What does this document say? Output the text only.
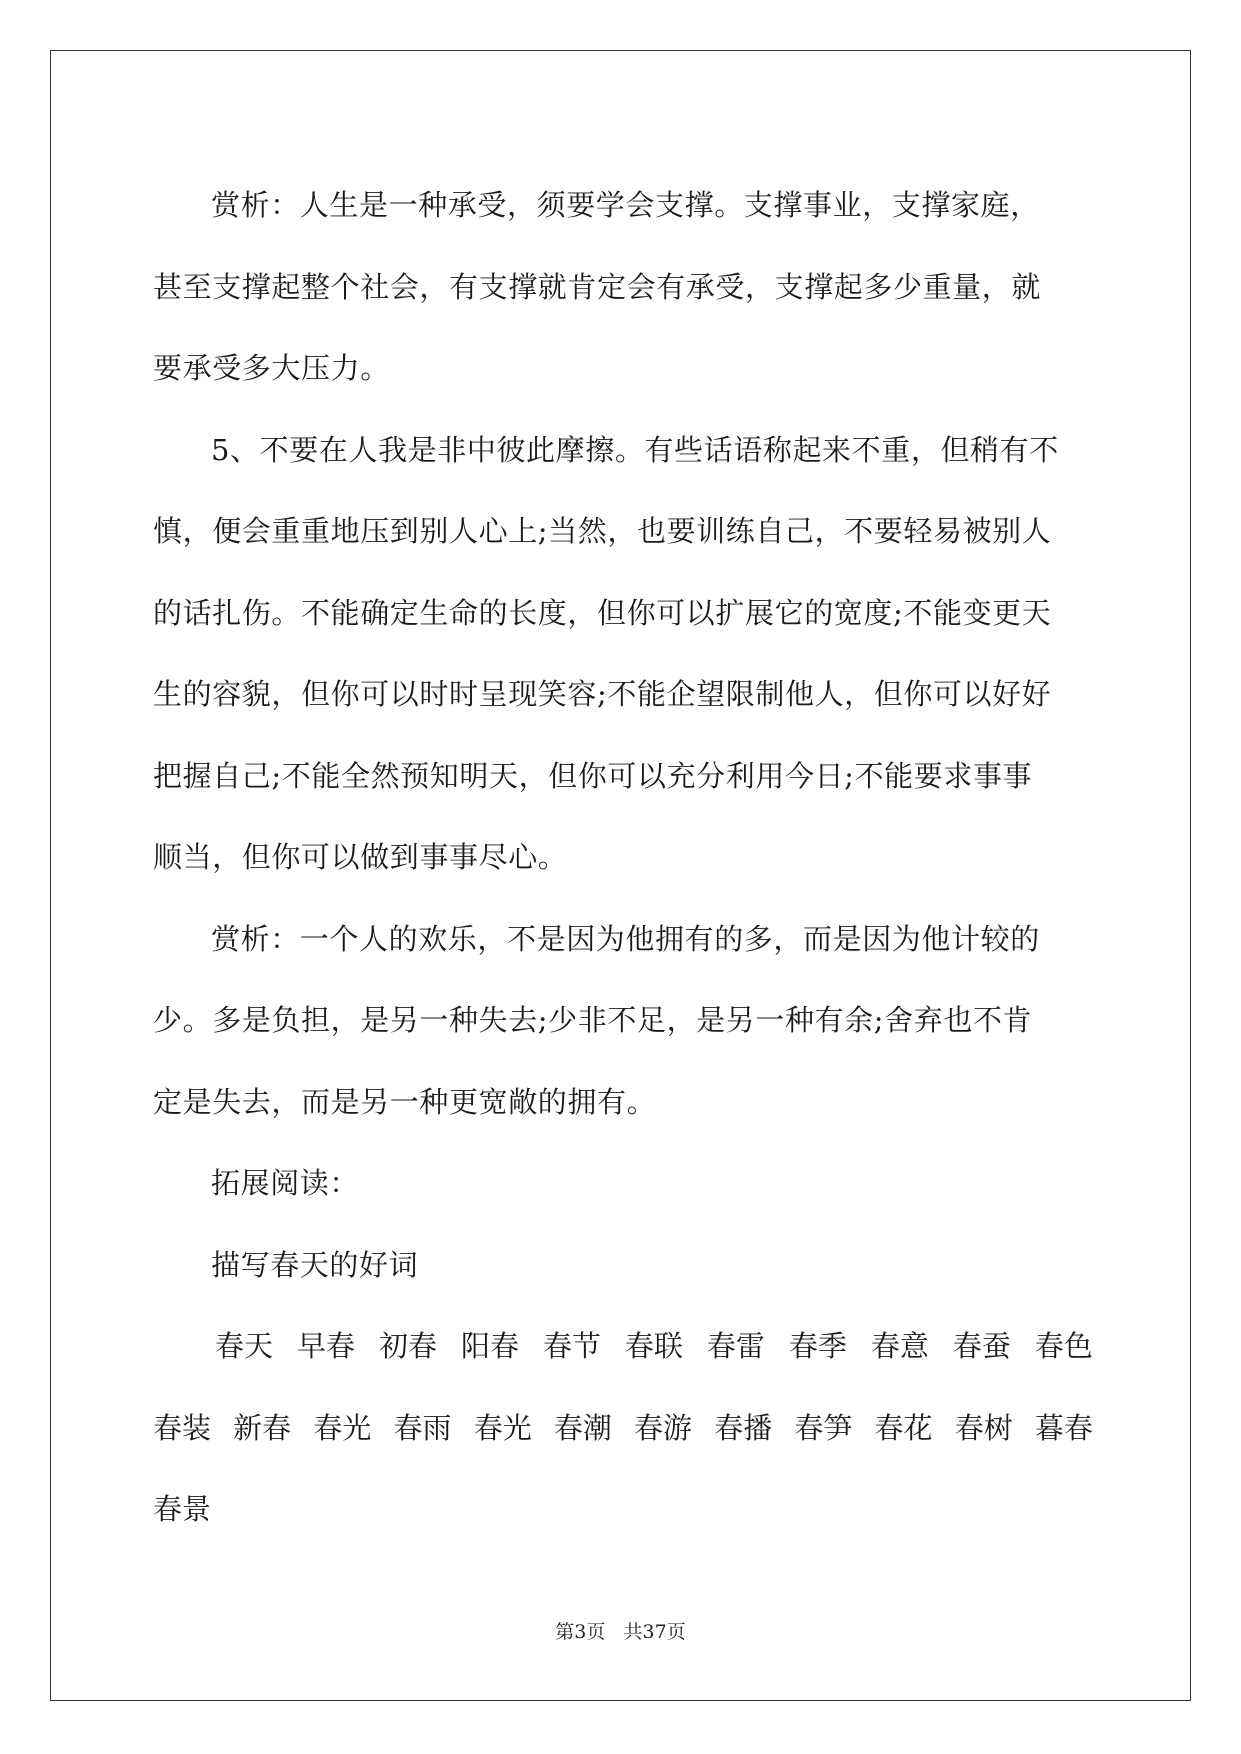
赏析：人生是一种承受，须要学会支撑。支撑事业，支撑家庭，
甚至支撑起整个社会，有支撑就肯定会有承受，支撑起多少重量，就
要承受多大压力。
5、不要在人我是非中彼此摩擦。有些话语称起来不重，但稍有不
慎，便会重重地压到别人心上;当然，也要训练自己，不要轻易被别人
的话扎伤。不能确定生命的长度，但你可以扩展它的宽度;不能变更天
生的容貌，但你可以时时呈现笑容;不能企望限制他人，但你可以好好
把握自己;不能全然预知明天，但你可以充分利用今日;不能要求事事
顺当，但你可以做到事事尽心。
赏析：一个人的欢乐，不是因为他拥有的多，而是因为他计较的
少。多是负担，是另一种失去;少非不足，是另一种有余;舍弃也不肯
定是失去，而是另一种更宽敞的拥有。
拓展阅读：
描写春天的好词
春天 早春 初春 阳春 春节 春联 春雷 春季 春意 春蚕 春色
春装 新春 春光 春雨 春光 春潮 春游 春播 春笋 春花 春树 暮春
春景
第3页 共37页
